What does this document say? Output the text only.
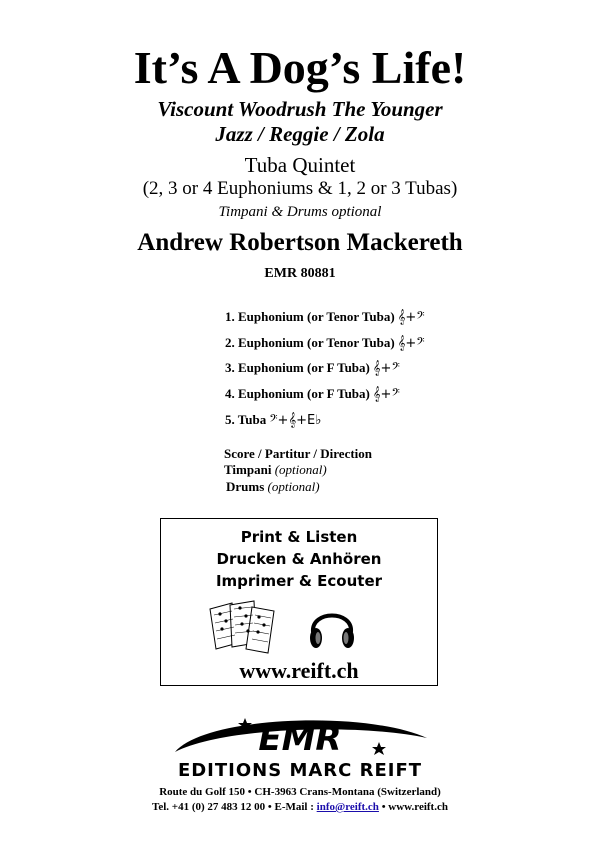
It’s A Dog’s Life!
Viscount Woodrush The Younger
Jazz / Reggie / Zola
Tuba Quintet
(2, 3 or 4 Euphoniums & 1, 2 or 3 Tubas)
Timpani & Drums optional
Andrew Robertson Mackereth
EMR 80881
1. Euphonium (or Tenor Tuba) 𝄞+𝄢
2. Euphonium (or Tenor Tuba) 𝄞+𝄢
3. Euphonium (or F Tuba) 𝄞+𝄢
4. Euphonium (or F Tuba) 𝄞+𝄢
5. Tuba 𝄢+𝄞+E♭
Score / Partitur / Direction
Timpani (optional)
Drums (optional)
Print & Listen
Drucken & Anhören
Imprimer & Ecouter
www.reift.ch
EMR
EDITIONS MARC REIFT
Route du Golf 150 • CH-3963 Crans-Montana (Switzerland)
Tel. +41 (0) 27 483 12 00 • E-Mail : info@reift.ch • www.reift.ch
